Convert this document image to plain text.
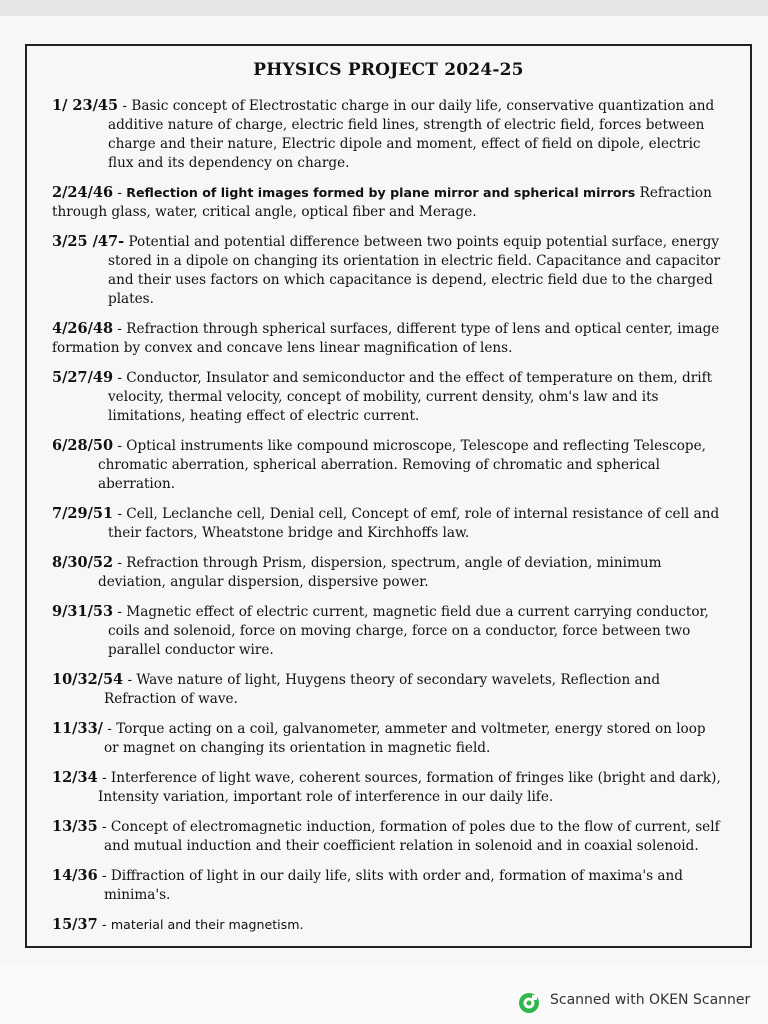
PHYSICS PROJECT 2024-25

1/ 23/45 - Basic concept of Electrostatic charge in our daily life, conservative quantization and

additive nature of charge, electric field lines, strength of electric field, forces between

charge and their nature, Electric dipole and moment, effect of field on dipole, electric

flux and its dependency on charge.

2/24/46 - Reflection of light images formed by plane mirror and spherical mirrors Refraction

through glass, water, critical angle, optical fiber and Merage.

3/25 /47- Potential and potential difference between two points equip potential surface, energy

stored in a dipole on changing its orientation in electric field. Capacitance and capacitor

and their uses factors on which capacitance is depend, electric field due to the charged

plates.

4/26/48 - Refraction through spherical surfaces, different type of lens and optical center, image

formation by convex and concave lens linear magnification of lens.

5/27/49 - Conductor, Insulator and semiconductor and the effect of temperature on them, drift

velocity, thermal velocity, concept of mobility, current density, ohm's law and its

limitations, heating effect of electric current.

6/28/50 - Optical instruments like compound microscope, Telescope and reflecting Telescope,

chromatic aberration, spherical aberration. Removing of chromatic and spherical

aberration.

7/29/51 - Cell, Leclanche cell, Denial cell, Concept of emf, role of internal resistance of cell and

their factors, Wheatstone bridge and Kirchhoffs law.

8/30/52 - Refraction through Prism, dispersion, spectrum, angle of deviation, minimum

deviation, angular dispersion, dispersive power.

9/31/53 - Magnetic effect of electric current, magnetic field due a current carrying conductor,

coils and solenoid, force on moving charge, force on a conductor, force between two

parallel conductor wire.

10/32/54 - Wave nature of light, Huygens theory of secondary wavelets, Reflection and

Refraction of wave.

11/33/ - Torque acting on a coil, galvanometer, ammeter and voltmeter, energy stored on loop

or magnet on changing its orientation in magnetic field.

12/34 - Interference of light wave, coherent sources, formation of fringes like (bright and dark),

Intensity variation, important role of interference in our daily life.

13/35 - Concept of electromagnetic induction, formation of poles due to the flow of current, self

and mutual induction and their coefficient relation in solenoid and in coaxial solenoid.

14/36 - Diffraction of light in our daily life, slits with order and, formation of maxima's and

minima's.

15/37 - material and their magnetism.

Scanned with OKEN Scanner
